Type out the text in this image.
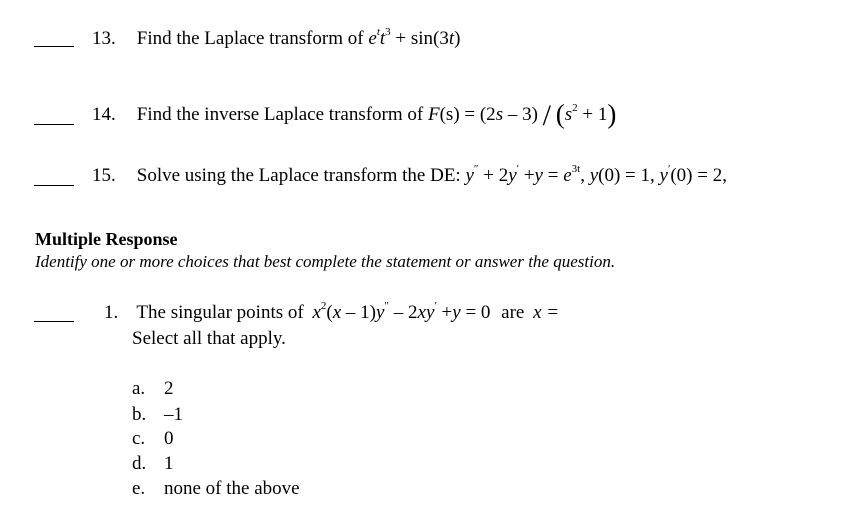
13. Find the Laplace transform of $e^tt^3 + \sin(3t)$
14. Find the inverse Laplace transform of $F(s) = (2s - 3) / (s^2 + 1)$
15. Solve using the Laplace transform the DE: $y'' + 2y' +y = e^{3t}$, y(0) = 1, y′(0) = 2,
Multiple Response
Identify one or more choices that best complete the statement or answer the question.
1. The singular points of $x^2(x - 1)y'' - 2xy' +y = 0$ are x =
Select all that apply.
a. 2
b. –1
c. 0
d. 1
e. none of the above
